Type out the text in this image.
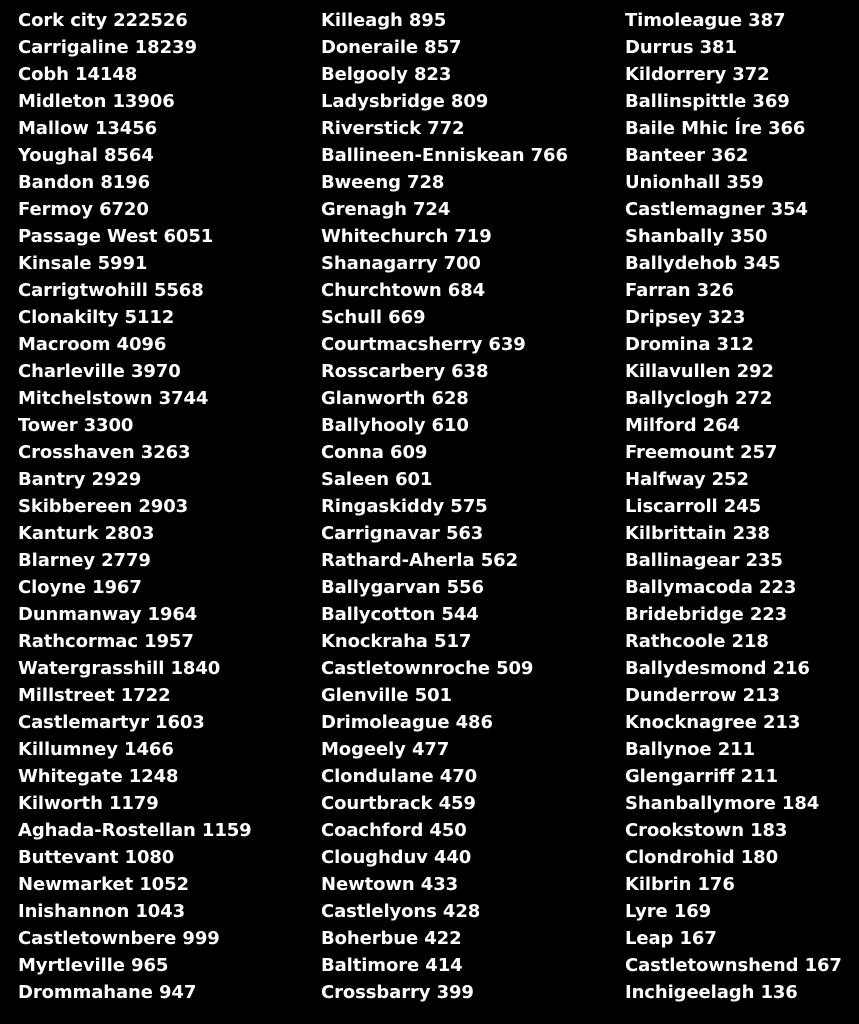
Cork city 222526
Carrigaline 18239
Cobh 14148
Midleton 13906
Mallow 13456
Youghal 8564
Bandon 8196
Fermoy 6720
Passage West 6051
Kinsale 5991
Carrigtwohill 5568
Clonakilty 5112
Macroom 4096
Charleville 3970
Mitchelstown 3744
Tower 3300
Crosshaven 3263
Bantry 2929
Skibbereen 2903
Kanturk 2803
Blarney 2779
Cloyne 1967
Dunmanway 1964
Rathcormac 1957
Watergrasshill 1840
Millstreet 1722
Castlemartyr 1603
Killumney 1466
Whitegate 1248
Kilworth 1179
Aghada-Rostellan 1159
Buttevant 1080
Newmarket 1052
Inishannon 1043
Castletownbere 999
Myrtleville 965
Drommahane 947
Killeagh 895
Doneraile 857
Belgooly 823
Ladysbridge 809
Riverstick 772
Ballineen-Enniskean 766
Bweeng 728
Grenagh 724
Whitechurch 719
Shanagarry 700
Churchtown 684
Schull 669
Courtmacsherry 639
Rosscarbery 638
Glanworth 628
Ballyhooly 610
Conna 609
Saleen 601
Ringaskiddy 575
Carrignavar 563
Rathard-Aherla 562
Ballygarvan 556
Ballycotton 544
Knockraha 517
Castletownroche 509
Glenville 501
Drimoleague 486
Mogeely 477
Clondulane 470
Courtbrack 459
Coachford 450
Cloughduv 440
Newtown 433
Castlelyons 428
Boherbue 422
Baltimore 414
Crossbarry 399
Timoleague 387
Durrus 381
Kildorrery 372
Ballinspittle 369
Baile Mhic Íre 366
Banteer 362
Unionhall 359
Castlemagner 354
Shanbally 350
Ballydehob 345
Farran 326
Dripsey 323
Dromina 312
Killavullen 292
Ballyclogh 272
Milford 264
Freemount 257
Halfway 252
Liscarroll 245
Kilbrittain 238
Ballinagear 235
Ballymacoda 223
Bridebridge 223
Rathcoole 218
Ballydesmond 216
Dunderrow 213
Knocknagree 213
Ballynoe 211
Glengarriff 211
Shanballymore 184
Crookstown 183
Clondrohid 180
Kilbrin 176
Lyre 169
Leap 167
Castletownshend 167
Inchigeelagh 136
